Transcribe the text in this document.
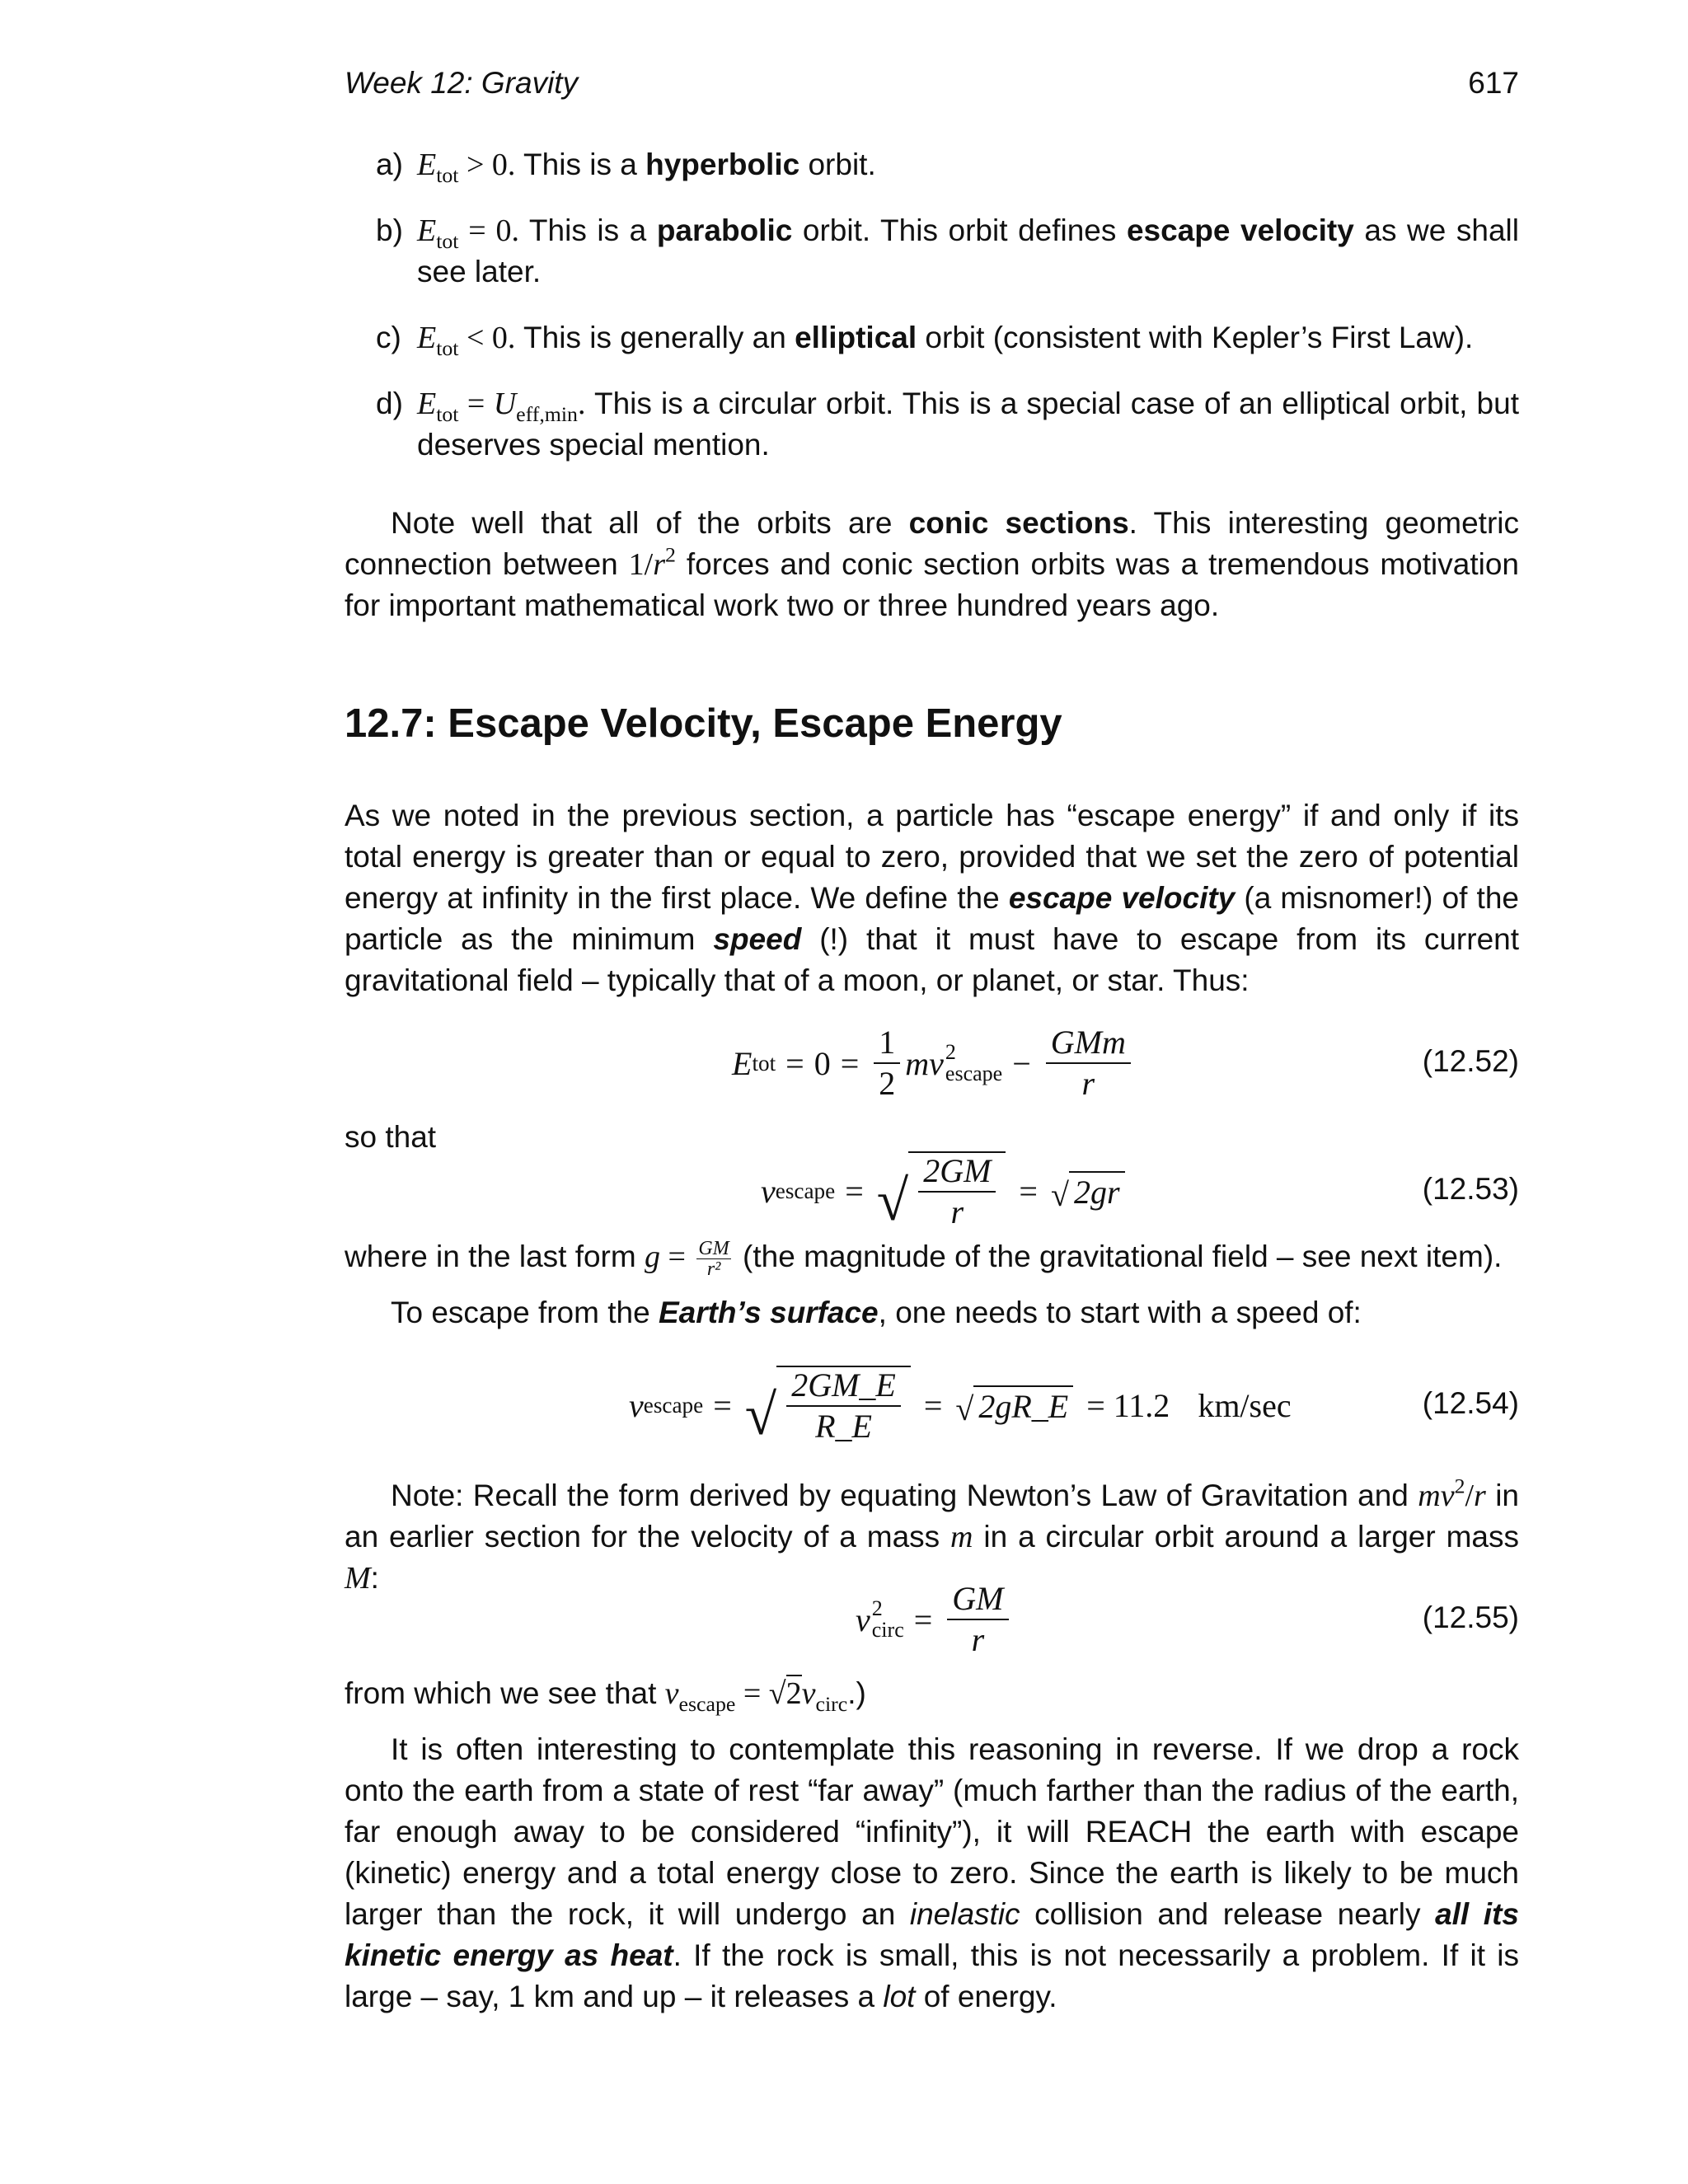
Week 12: Gravity	617
a) $E_{tot} > 0$. This is a hyperbolic orbit.
b) $E_{tot} = 0$. This is a parabolic orbit. This orbit defines escape velocity as we shall see later.
c) $E_{tot} < 0$. This is generally an elliptical orbit (consistent with Kepler’s First Law).
d) $E_{tot} = U_{eff,min}$. This is a circular orbit. This is a special case of an elliptical orbit, but deserves special mention.
Note well that all of the orbits are conic sections. This interesting geometric connection between $1/r^2$ forces and conic section orbits was a tremendous motivation for important mathematical work two or three hundred years ago.
12.7: Escape Velocity, Escape Energy
As we noted in the previous section, a particle has “escape energy” if and only if its total energy is greater than or equal to zero, provided that we set the zero of potential energy at infinity in the first place. We define the escape velocity (a misnomer!) of the particle as the minimum speed (!) that it must have to escape from its current gravitational field – typically that of a moon, or planet, or star. Thus:
E tot = $0 = \frac{1}{2}$ mv 2
escape − $\frac{\text{GMm}}{r}$	(12.52)
so that
v escape = √ $\frac{2GM}{r}$ = √ 2gr	(12.53)
where in the last form $g = \frac{GM}{\text{r²}} (the$ magnitude of the gravitational field – see next item).
To escape from the Earth’s surface, one needs to start with a speed of:
v escape = √ $\frac{2GM\_E}{R\_E}$ = √ 2gR_E = 11.2 km/sec	(12.54)
Note: Recall the form derived by equating Newton’s Law of Gravitation and $mv^2/r$ in an earlier section for the velocity of a mass m in a circular orbit around a larger mass M:
v 2
circ = $\frac{GM}{r}$	(12.55)
from which we see that $v_{escape} = √2v_{circ}$.)
It is often interesting to contemplate this reasoning in reverse. If we drop a rock onto the earth from a state of rest “far away” (much farther than the radius of the earth, far enough away to be considered “infinity”), it will REACH the earth with escape (kinetic) energy and a total energy close to zero. Since the earth is likely to be much larger than the rock, it will undergo an inelastic collision and release nearly all its kinetic energy as heat. If the rock is small, this is not necessarily a problem. If it is large – say, 1 km and up – it releases a lot of energy.
